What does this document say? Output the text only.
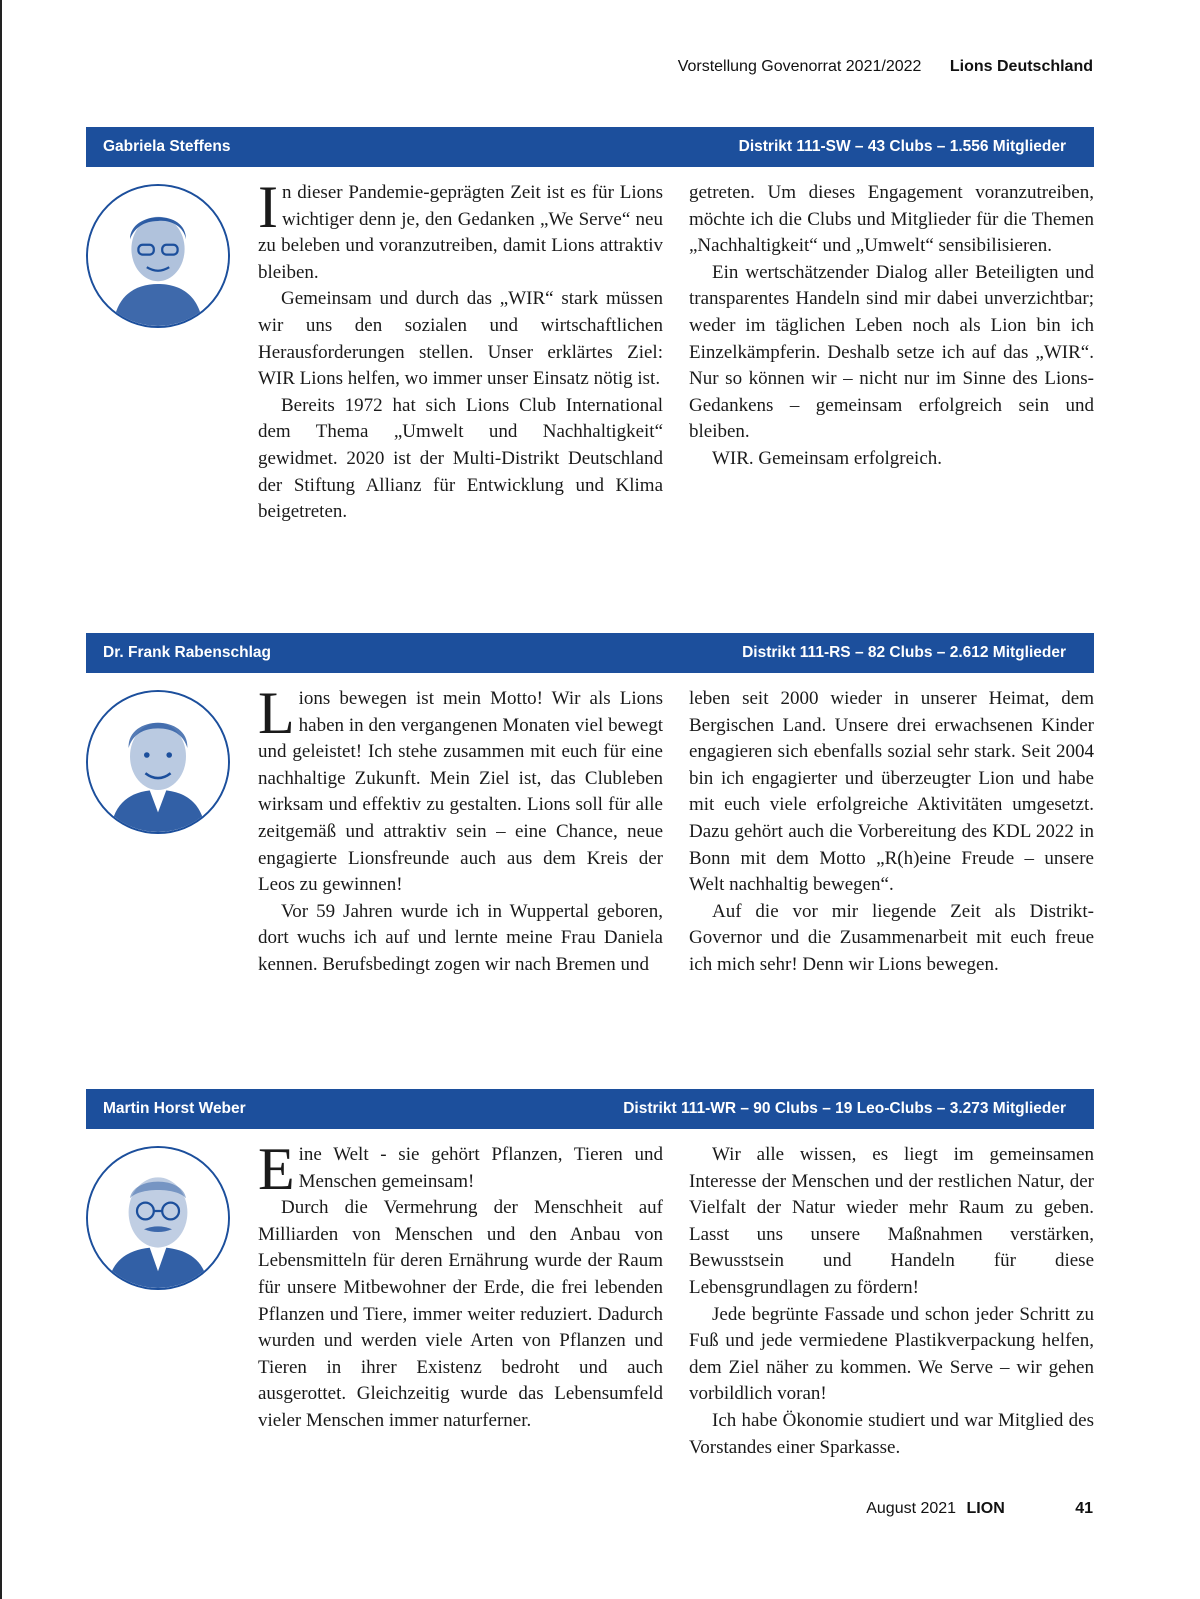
Vorstellung Govenorrat 2021/2022 Lions Deutschland
Gabriela Steffens	Distrikt 111-SW – 43 Clubs – 1.556 Mitglieder

In dieser Pandemie-geprägten Zeit ist es für Lions wichtiger denn je, den Gedanken „We Serve“ neu zu beleben und voranzutreiben, damit Lions attraktiv bleiben.

Gemeinsam und durch das „WIR“ stark müssen wir uns den sozialen und wirtschaftlichen Herausforderungen stellen. Unser erklärtes Ziel: WIR Lions helfen, wo immer unser Einsatz nötig ist.

Bereits 1972 hat sich Lions Club International dem Thema „Umwelt und Nachhaltigkeit“ gewidmet. 2020 ist der Multi-Distrikt Deutschland der Stiftung Allianz für Entwicklung und Klima beigetreten.

getreten. Um dieses Engagement voranzutreiben, möchte ich die Clubs und Mitglieder für die Themen „Nachhaltigkeit“ und „Umwelt“ sensibilisieren.

Ein wertschätzender Dialog aller Beteiligten und transparentes Handeln sind mir dabei unverzichtbar; weder im täglichen Leben noch als Lion bin ich Einzelkämpferin. Deshalb setze ich auf das „WIR“. Nur so können wir – nicht nur im Sinne des Lions-Gedankens – gemeinsam erfolgreich sein und bleiben.

WIR. Gemeinsam erfolgreich.

Dr. Frank Rabenschlag	Distrikt 111-RS – 82 Clubs – 2.612 Mitglieder

Lions bewegen ist mein Motto! Wir als Lions haben in den vergangenen Monaten viel bewegt und geleistet! Ich stehe zusammen mit euch für eine nachhaltige Zukunft. Mein Ziel ist, das Clubleben wirksam und effektiv zu gestalten. Lions soll für alle zeitgemäß und attraktiv sein – eine Chance, neue engagierte Lionsfreunde auch aus dem Kreis der Leos zu gewinnen!

Vor 59 Jahren wurde ich in Wuppertal geboren, dort wuchs ich auf und lernte meine Frau Daniela kennen. Berufsbedingt zogen wir nach Bremen und

leben seit 2000 wieder in unserer Heimat, dem Bergischen Land. Unsere drei erwachsenen Kinder engagieren sich ebenfalls sozial sehr stark. Seit 2004 bin ich engagierter und überzeugter Lion und habe mit euch viele erfolgreiche Aktivitäten umgesetzt. Dazu gehört auch die Vorbereitung des KDL 2022 in Bonn mit dem Motto „R(h)eine Freude – unsere Welt nachhaltig bewegen“.

Auf die vor mir liegende Zeit als Distrikt-Governor und die Zusammenarbeit mit euch freue ich mich sehr! Denn wir Lions bewegen.

Martin Horst Weber	Distrikt 111-WR – 90 Clubs – 19 Leo-Clubs – 3.273 Mitglieder

Eine Welt - sie gehört Pflanzen, Tieren und Menschen gemeinsam!

Durch die Vermehrung der Menschheit auf Milliarden von Menschen und den Anbau von Lebensmitteln für deren Ernährung wurde der Raum für unsere Mitbewohner der Erde, die frei lebenden Pflanzen und Tiere, immer weiter reduziert. Dadurch wurden und werden viele Arten von Pflanzen und Tieren in ihrer Existenz bedroht und auch ausgerottet. Gleichzeitig wurde das Lebensumfeld vieler Menschen immer naturferner.

Wir alle wissen, es liegt im gemeinsamen Interesse der Menschen und der restlichen Natur, der Vielfalt der Natur wieder mehr Raum zu geben. Lasst uns unsere Maßnahmen verstärken, Bewusstsein und Handeln für diese Lebensgrundlagen zu fördern!

Jede begrünte Fassade und schon jeder Schritt zu Fuß und jede vermiedene Plastikverpackung helfen, dem Ziel näher zu kommen. We Serve – wir gehen vorbildlich voran!

Ich habe Ökonomie studiert und war Mitglied des Vorstandes einer Sparkasse.

August 2021 LION	41
